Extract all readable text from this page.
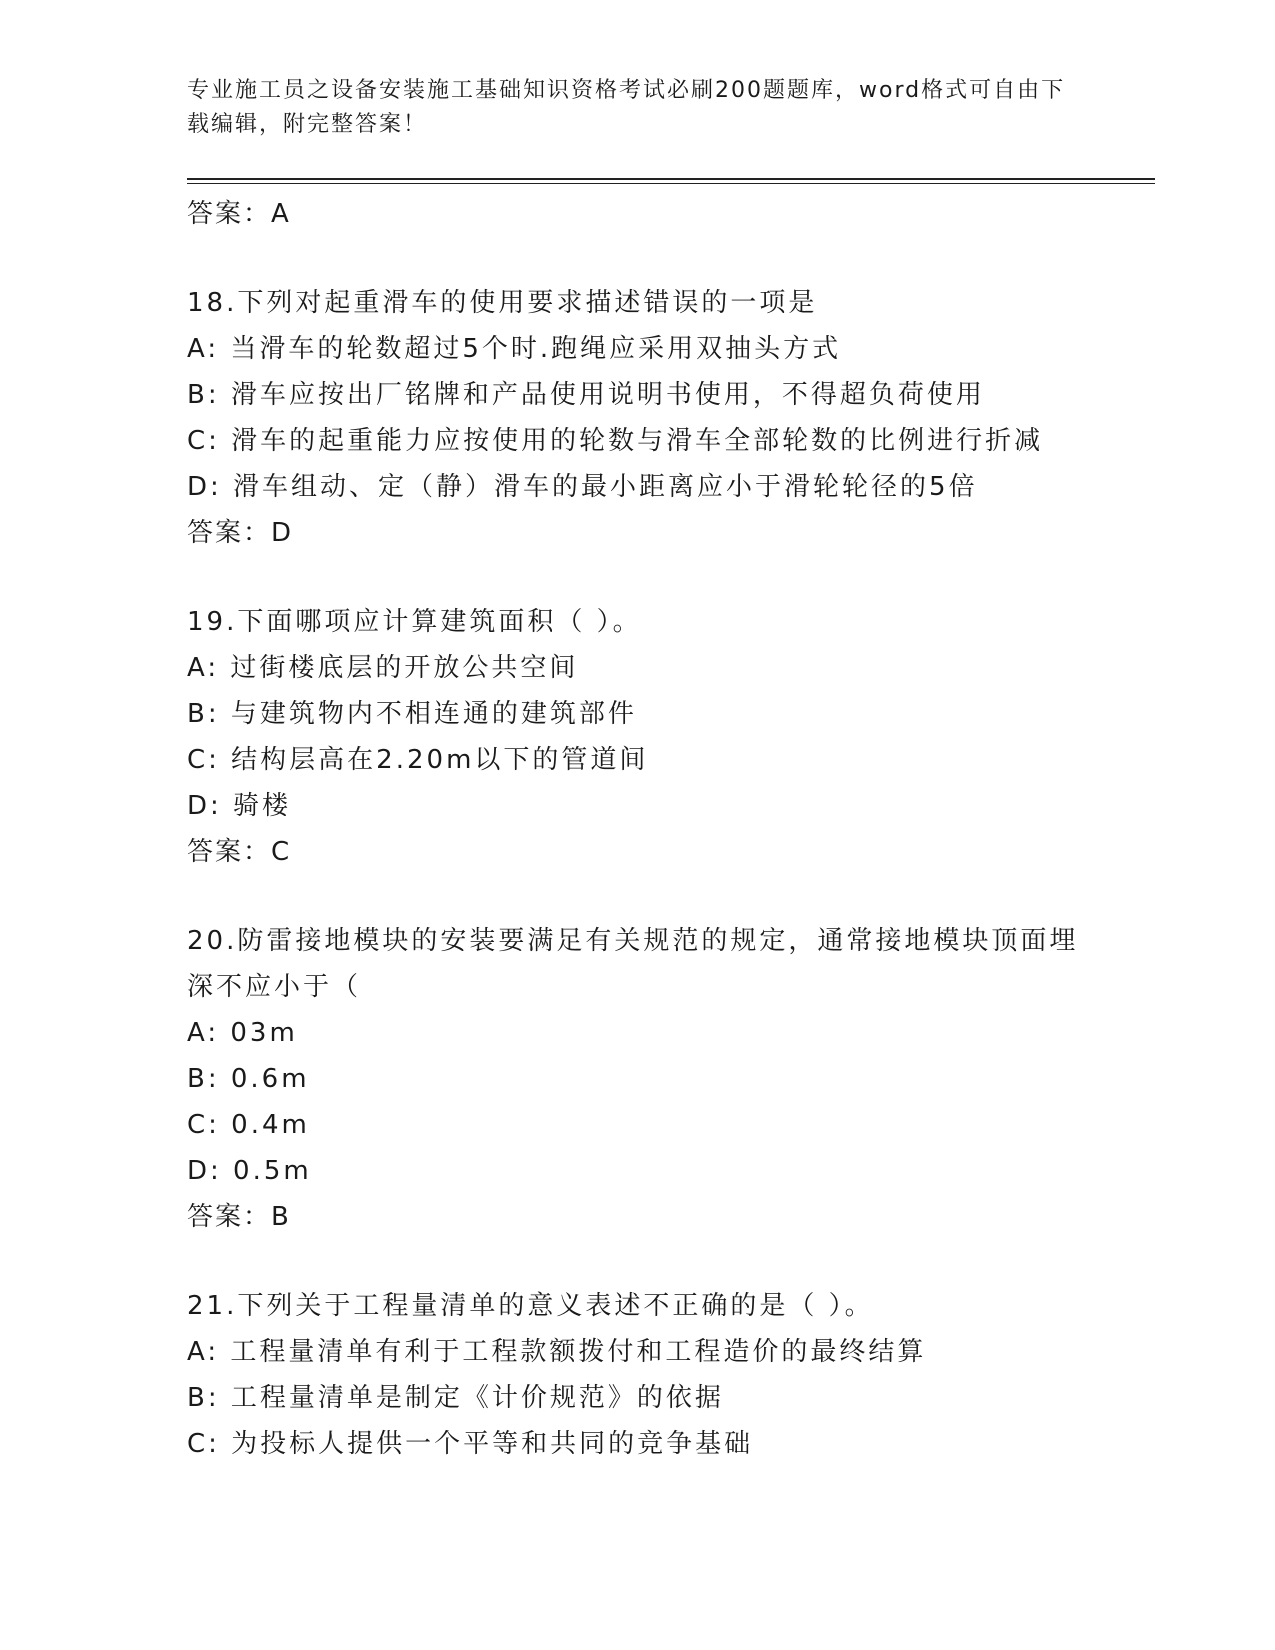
专业施工员之设备安装施工基础知识资格考试必刷200题题库，word格式可自由下载编辑，附完整答案！
答案：A
18.下列对起重滑车的使用要求描述错误的一项是
A: 当滑车的轮数超过5个时.跑绳应采用双抽头方式
B: 滑车应按出厂铭牌和产品使用说明书使用，不得超负荷使用
C: 滑车的起重能力应按使用的轮数与滑车全部轮数的比例进行折减
D: 滑车组动、定（静）滑车的最小距离应小于滑轮轮径的5倍
答案：D
19.下面哪项应计算建筑面积（ ）。
A: 过街楼底层的开放公共空间
B: 与建筑物内不相连通的建筑部件
C: 结构层高在2.20m以下的管道间
D: 骑楼
答案：C
20.防雷接地模块的安装要满足有关规范的规定，通常接地模块顶面埋深不应小于（
A: 03m
B: 0.6m
C: 0.4m
D: 0.5m
答案：B
21.下列关于工程量清单的意义表述不正确的是（ ）。
A: 工程量清单有利于工程款额拨付和工程造价的最终结算
B: 工程量清单是制定《计价规范》的依据
C: 为投标人提供一个平等和共同的竞争基础
